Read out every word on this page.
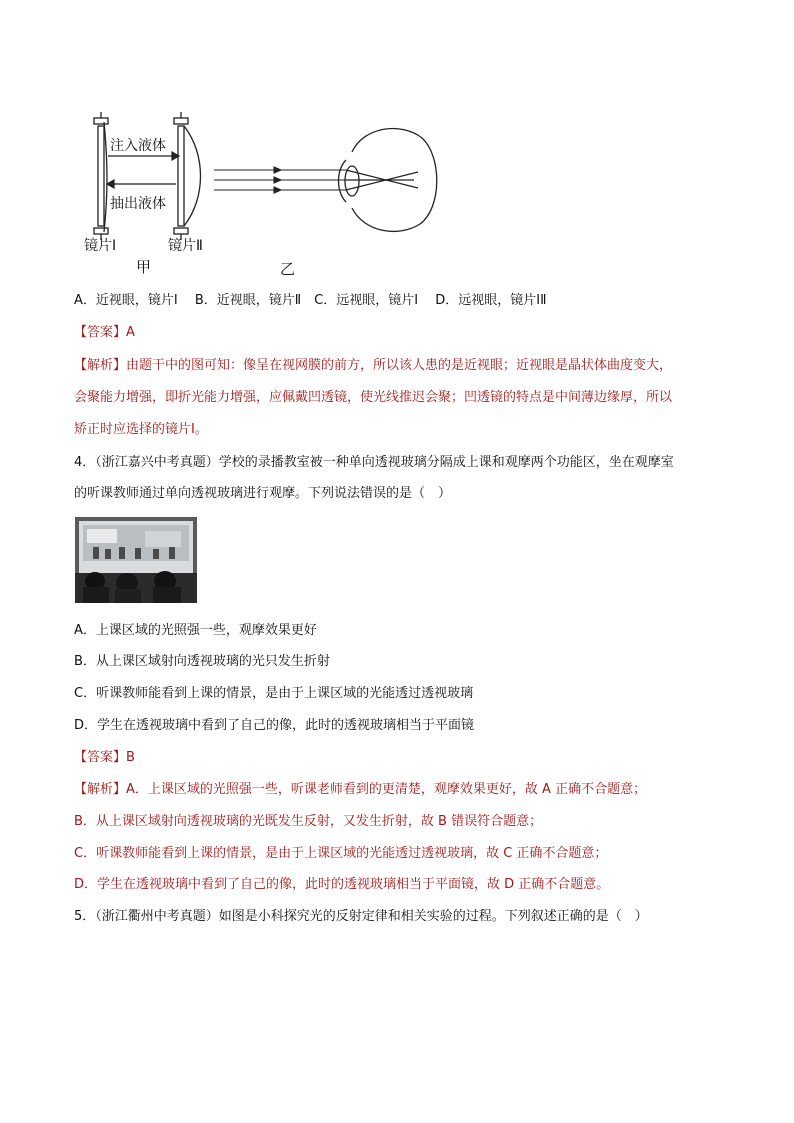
注入液体
抽出液体
镜片Ⅰ	镜片Ⅱ
甲	乙
A．近视眼，镜片Ⅰ　 B．近视眼，镜片Ⅱ　C．远视眼，镜片Ⅰ　 D．远视眼，镜片ⅠⅡ
【答案】A
【解析】由题干中的图可知：像呈在视网膜的前方，所以该人患的是近视眼；近视眼是晶状体曲度变大，
会聚能力增强，即折光能力增强，应佩戴凹透镜，使光线推迟会聚；凹透镜的特点是中间薄边缘厚，所以
矫正时应选择的镜片Ⅰ。
4．（浙江嘉兴中考真题）学校的录播教室被一种单向透视玻璃分隔成上课和观摩两个功能区，坐在观摩室
的听课教师通过单向透视玻璃进行观摩。下列说法错误的是（　）
A．上课区域的光照强一些，观摩效果更好
B．从上课区域射向透视玻璃的光只发生折射
C．听课教师能看到上课的情景，是由于上课区域的光能透过透视玻璃
D．学生在透视玻璃中看到了自己的像，此时的透视玻璃相当于平面镜
【答案】B
【解析】A．上课区域的光照强一些，听课老师看到的更清楚，观摩效果更好，故 A 正确不合题意；
B．从上课区域射向透视玻璃的光既发生反射，又发生折射，故 B 错误符合题意；
C．听课教师能看到上课的情景，是由于上课区域的光能透过透视玻璃，故 C 正确不合题意；
D．学生在透视玻璃中看到了自己的像，此时的透视玻璃相当于平面镜，故 D 正确不合题意。
5．（浙江衢州中考真题）如图是小科探究光的反射定律和相关实验的过程。下列叙述正确的是（　）
